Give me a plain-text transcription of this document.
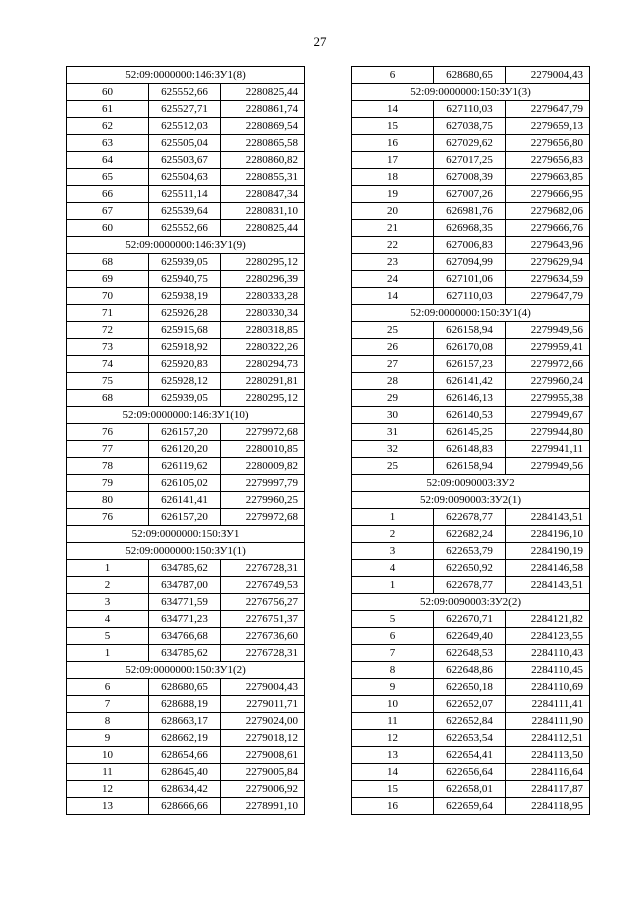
27
52:09:0000000:146:ЗУ1(8)		
60	625552,66	2280825,44
61	625527,71	2280861,74
62	625512,03	2280869,54
63	625505,04	2280865,58
64	625503,67	2280860,82
65	625504,63	2280855,31
66	625511,14	2280847,34
67	625539,64	2280831,10
60	625552,66	2280825,44
52:09:0000000:146:ЗУ1(9)		
68	625939,05	2280295,12
69	625940,75	2280296,39
70	625938,19	2280333,28
71	625926,28	2280330,34
72	625915,68	2280318,85
73	625918,92	2280322,26
74	625920,83	2280294,73
75	625928,12	2280291,81
68	625939,05	2280295,12
52:09:0000000:146:ЗУ1(10)		
76	626157,20	2279972,68
77	626120,20	2280010,85
78	626119,62	2280009,82
79	626105,02	2279997,79
80	626141,41	2279960,25
76	626157,20	2279972,68
52:09:0000000:150:ЗУ1		
52:09:0000000:150:ЗУ1(1)		
1	634785,62	2276728,31
2	634787,00	2276749,53
3	634771,59	2276756,27
4	634771,23	2276751,37
5	634766,68	2276736,60
1	634785,62	2276728,31
52:09:0000000:150:ЗУ1(2)		
6	628680,65	2279004,43
7	628688,19	2279011,71
8	628663,17	2279024,00
9	628662,19	2279018,12
10	628654,66	2279008,61
11	628645,40	2279005,84
12	628634,42	2279006,92
13	628666,66	2278991,10
6	628680,65	2279004,43
52:09:0000000:150:ЗУ1(3)		
14	627110,03	2279647,79
15	627038,75	2279659,13
16	627029,62	2279656,80
17	627017,25	2279656,83
18	627008,39	2279663,85
19	627007,26	2279666,95
20	626981,76	2279682,06
21	626968,35	2279666,76
22	627006,83	2279643,96
23	627094,99	2279629,94
24	627101,06	2279634,59
14	627110,03	2279647,79
52:09:0000000:150:ЗУ1(4)		
25	626158,94	2279949,56
26	626170,08	2279959,41
27	626157,23	2279972,66
28	626141,42	2279960,24
29	626146,13	2279955,38
30	626140,53	2279949,67
31	626145,25	2279944,80
32	626148,83	2279941,11
25	626158,94	2279949,56
52:09:0090003:ЗУ2		
52:09:0090003:ЗУ2(1)		
1	622678,77	2284143,51
2	622682,24	2284196,10
3	622653,79	2284190,19
4	622650,92	2284146,58
1	622678,77	2284143,51
52:09:0090003:ЗУ2(2)		
5	622670,71	2284121,82
6	622649,40	2284123,55
7	622648,53	2284110,43
8	622648,86	2284110,45
9	622650,18	2284110,69
10	622652,07	2284111,41
11	622652,84	2284111,90
12	622653,54	2284112,51
13	622654,41	2284113,50
14	622656,64	2284116,64
15	622658,01	2284117,87
16	622659,64	2284118,95
